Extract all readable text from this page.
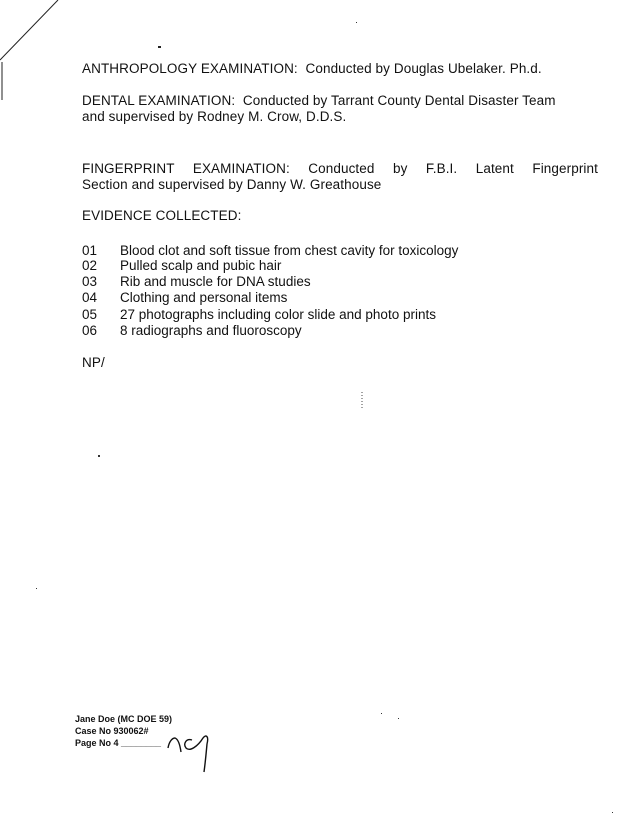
ANTHROPOLOGY EXAMINATION: Conducted by Douglas Ubelaker. Ph.d.
DENTAL EXAMINATION: Conducted by Tarrant County Dental Disaster Team
and supervised by Rodney M. Crow, D.D.S.
FINGERPRINT EXAMINATION: Conducted by F.B.I. Latent Fingerprint
Section and supervised by Danny W. Greathouse
EVIDENCE COLLECTED:
01 Blood clot and soft tissue from chest cavity for toxicology
02 Pulled scalp and pubic hair
03 Rib and muscle for DNA studies
04 Clothing and personal items
05 27 photographs including color slide and photo prints
06 8 radiographs and fluoroscopy
NP/
Jane Doe (MC DOE 59)
Case No 930062#
Page No 4 ________
